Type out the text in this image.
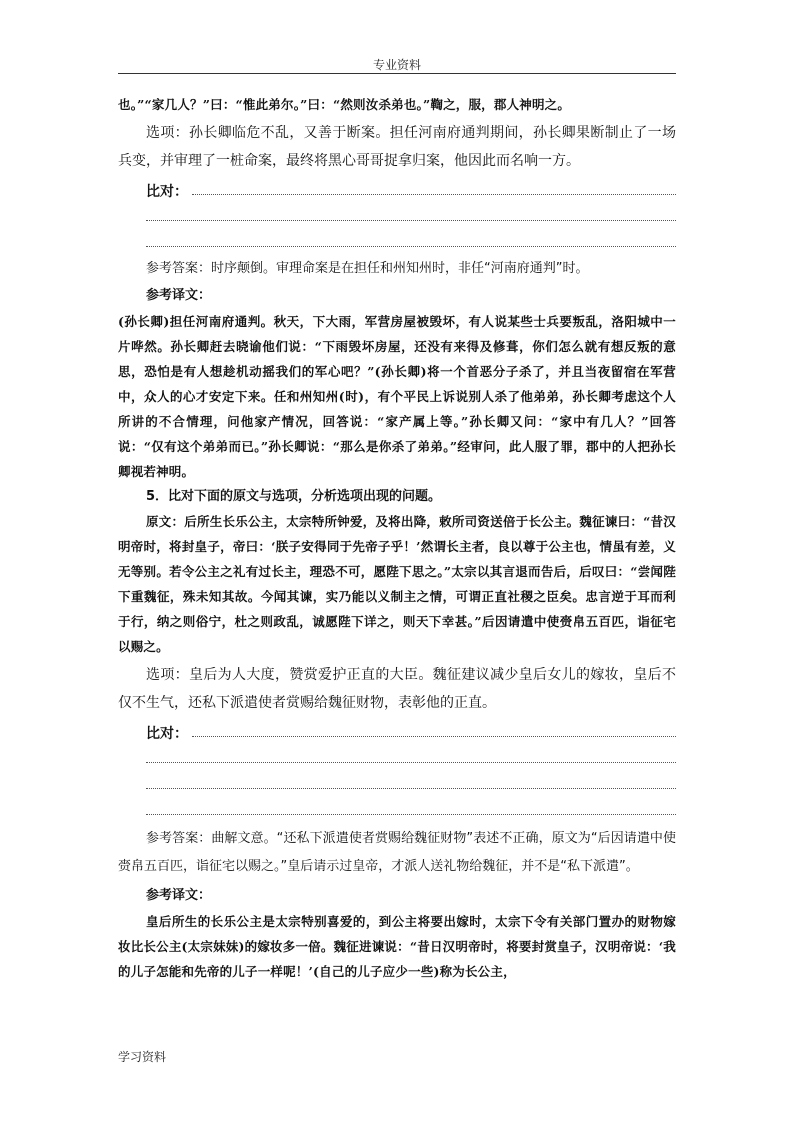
专业资料

也。”“家几人？”曰：“惟此弟尔。”曰：“然则汝杀弟也。”鞫之，服，郡人神明之。

选项：孙长卿临危不乱，又善于断案。担任河南府通判期间，孙长卿果断制止了一场兵变，并审理了一桩命案，最终将黑心哥哥捉拿归案，他因此而名响一方。

比对：

参考答案：时序颠倒。审理命案是在担任和州知州时，非任“河南府通判”时。

参考译文：

(孙长卿)担任河南府通判。秋天，下大雨，军营房屋被毁坏，有人说某些士兵要叛乱，洛阳城中一片哗然。孙长卿赶去晓谕他们说：“下雨毁坏房屋，还没有来得及修葺，你们怎么就有想反叛的意思，恐怕是有人想趁机动摇我们的军心吧？”(孙长卿)将一个首恶分子杀了，并且当夜留宿在军营中，众人的心才安定下来。任和州知州(时)，有个平民上诉说别人杀了他弟弟，孙长卿考虑这个人所讲的不合情理，问他家产情况，回答说：“家产属上等。”孙长卿又问：“家中有几人？”回答说：“仅有这个弟弟而已。”孙长卿说：“那么是你杀了弟弟。”经审问，此人服了罪，郡中的人把孙长卿视若神明。

5．比对下面的原文与选项，分析选项出现的问题。

原文：后所生长乐公主，太宗特所钟爱，及将出降，敕所司资送倍于长公主。魏征谏曰：“昔汉明帝时，将封皇子，帝曰：‘朕子安得同于先帝子乎！’然谓长主者，良以尊于公主也，情虽有差，义无等别。若令公主之礼有过长主，理恐不可，愿陛下思之。”太宗以其言退而告后，后叹曰：“尝闻陛下重魏征，殊未知其故。今闻其谏，实乃能以义制主之情，可谓正直社稷之臣矣。忠言逆于耳而利于行，纳之则俗宁，杜之则政乱，诚愿陛下详之，则天下幸甚。”后因请遣中使赍帛五百匹，诣征宅以赐之。

选项：皇后为人大度，赞赏爱护正直的大臣。魏征建议减少皇后女儿的嫁妆，皇后不仅不生气，还私下派遣使者赏赐给魏征财物，表彰他的正直。

比对：

参考答案：曲解文意。“还私下派遣使者赏赐给魏征财物”表述不正确，原文为“后因请遣中使赍帛五百匹，诣征宅以赐之。”皇后请示过皇帝，才派人送礼物给魏征，并不是“私下派遣”。

参考译文：

皇后所生的长乐公主是太宗特别喜爱的，到公主将要出嫁时，太宗下令有关部门置办的财物嫁妆比长公主(太宗妹妹)的嫁妆多一倍。魏征进谏说：“昔日汉明帝时，将要封赏皇子，汉明帝说：‘我的儿子怎能和先帝的儿子一样呢！’(自己的儿子应少一些)称为长公主，

学习资料
